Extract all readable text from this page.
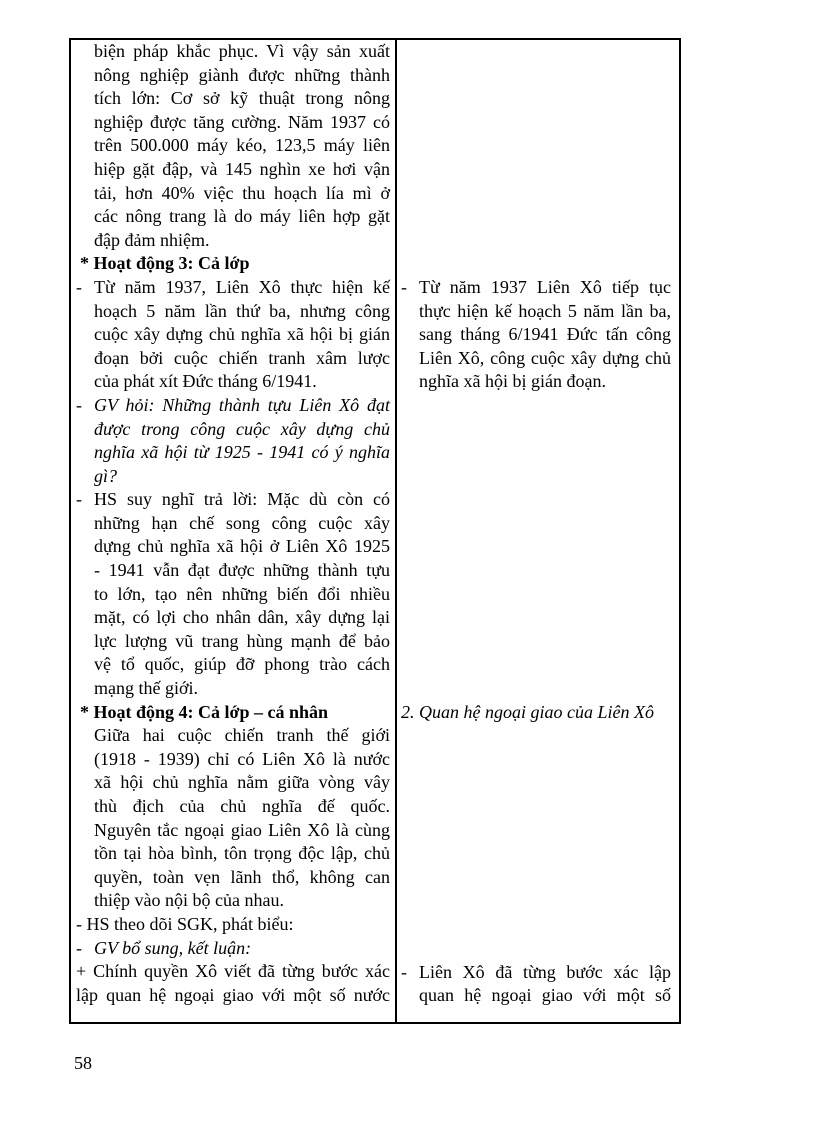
biện pháp khắc phục. Vì vậy sản xuất
nông nghiệp giành được những thành
tích lớn: Cơ sở kỹ thuật trong nông
nghiệp được tăng cường. Năm 1937 có
trên 500.000 máy kéo, 123,5 máy liên
hiệp gặt đập, và 145 nghìn xe hơi vận
tải, hơn 40% việc thu hoạch lía mì ở
các nông trang là do máy liên hợp gặt
đập đảm nhiệm.
* Hoạt động 3: Cả lớp
- Từ năm 1937, Liên Xô thực hiện kế
hoạch 5 năm lần thứ ba, nhưng công
cuộc xây dựng chủ nghĩa xã hội bị gián
đoạn bởi cuộc chiến tranh xâm lược
của phát xít Đức tháng 6/1941.
- GV hỏi: Những thành tựu Liên Xô đạt
được trong công cuộc xây dựng chủ
nghĩa xã hội từ 1925 - 1941 có ý nghĩa
gì?
- HS suy nghĩ trả lời: Mặc dù còn có
những hạn chế song công cuộc xây
dựng chủ nghĩa xã hội ở Liên Xô 1925
- 1941 vẫn đạt được những thành tựu
to lớn, tạo nên những biến đổi nhiều
mặt, có lợi cho nhân dân, xây dựng lại
lực lượng vũ trang hùng mạnh để bảo
vệ tổ quốc, giúp đỡ phong trào cách
mạng thế giới.
* Hoạt động 4: Cả lớp – cá nhân
Giữa hai cuộc chiến tranh thế giới
(1918 - 1939) chỉ có Liên Xô là nước
xã hội chủ nghĩa nằm giữa vòng vây
thù địch của chủ nghĩa đế quốc.
Nguyên tắc ngoại giao Liên Xô là cùng
tồn tại hòa bình, tôn trọng độc lập, chủ
quyền, toàn vẹn lãnh thổ, không can
thiệp vào nội bộ của nhau.
- HS theo dõi SGK, phát biểu:
- GV bổ sung, kết luận:
+ Chính quyền Xô viết đã từng bước xác
lập quan hệ ngoại giao với một số nước
- Từ năm 1937 Liên Xô tiếp tục
thực hiện kế hoạch 5 năm lần ba,
sang tháng 6/1941 Đức tấn công
Liên Xô, công cuộc xây dựng chủ
nghĩa xã hội bị gián đoạn.
2. Quan hệ ngoại giao của Liên Xô
- Liên Xô đã từng bước xác lập
quan hệ ngoại giao với một số
58
